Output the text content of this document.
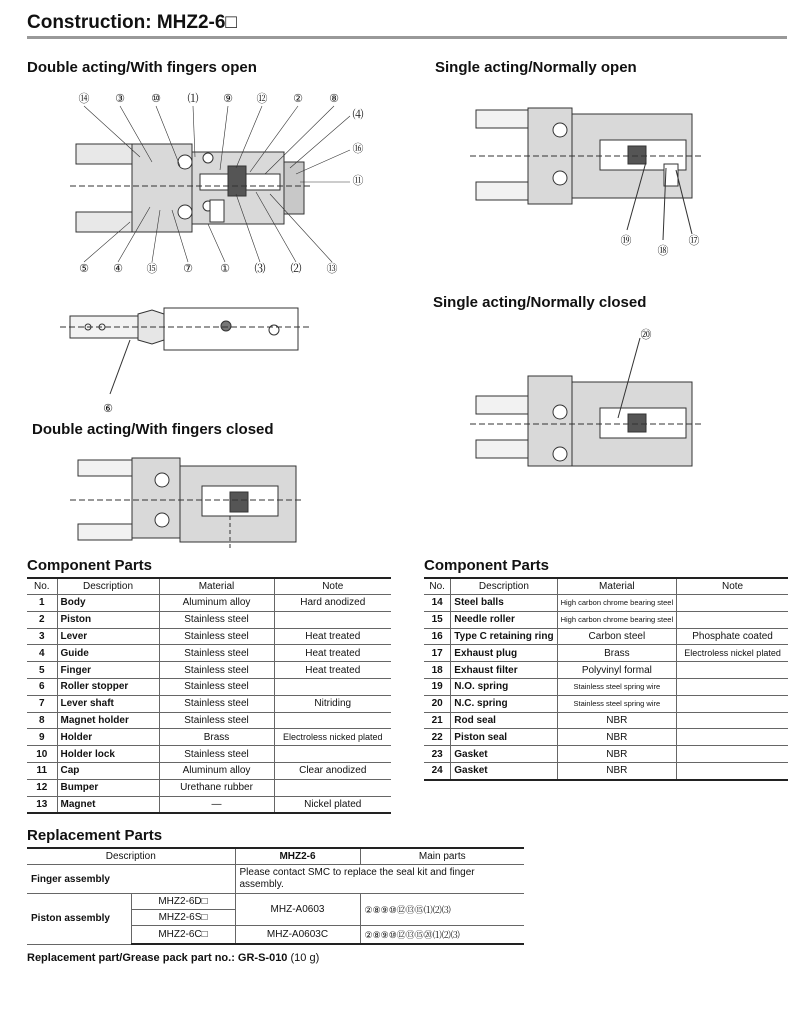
Construction: MHZ2-6□
Double acting/With fingers open	Single acting/Normally open
Single acting/Normally closed
Double acting/With fingers closed
⑭ ③ ⑩ ⑴ ⑨ ⑫ ② ⑧
⑷
⑯
⑪
⑤ ④ ⑮ ⑦ ① ⑶ ⑵ ⑬
⑥
⑲
⑱
⑰
⑳
Component Parts
No.	Description	Material	Note
1	Body	Aluminum alloy	Hard anodized
2	Piston	Stainless steel	
3	Lever	Stainless steel	Heat treated
4	Guide	Stainless steel	Heat treated
5	Finger	Stainless steel	Heat treated
6	Roller stopper	Stainless steel	
7	Lever shaft	Stainless steel	Nitriding
8	Magnet holder	Stainless steel	
9	Holder	Brass	Electroless nicked plated
10	Holder lock	Stainless steel	
11	Cap	Aluminum alloy	Clear anodized
12	Bumper	Urethane rubber	
13	Magnet	—	Nickel plated
Component Parts
No.	Description	Material	Note
14	Steel balls	High carbon chrome bearing steel	
15	Needle roller	High carbon chrome bearing steel	
16	Type C retaining ring	Carbon steel	Phosphate coated
17	Exhaust plug	Brass	Electroless nickel plated
18	Exhaust filter	Polyvinyl formal	
19	N.O. spring	Stainless steel spring wire	
20	N.C. spring	Stainless steel spring wire	
21	Rod seal	NBR	
22	Piston seal	NBR	
23	Gasket	NBR	
24	Gasket	NBR	
Replacement Parts
Description		MHZ2-6	Main parts
Finger assembly		Please contact SMC to replace the seal kit and finger assembly.	
Piston assembly	MHZ2-6D□	MHZ-A0603	②⑧⑨⑩⑫⑬⑮⑴⑵⑶
	MHZ2-6S□		
	MHZ2-6C□	MHZ-A0603C	②⑧⑨⑩⑫⑬⑮⑳⑴⑵⑶
Replacement part/Grease pack part no.: GR-S-010 (10 g)
